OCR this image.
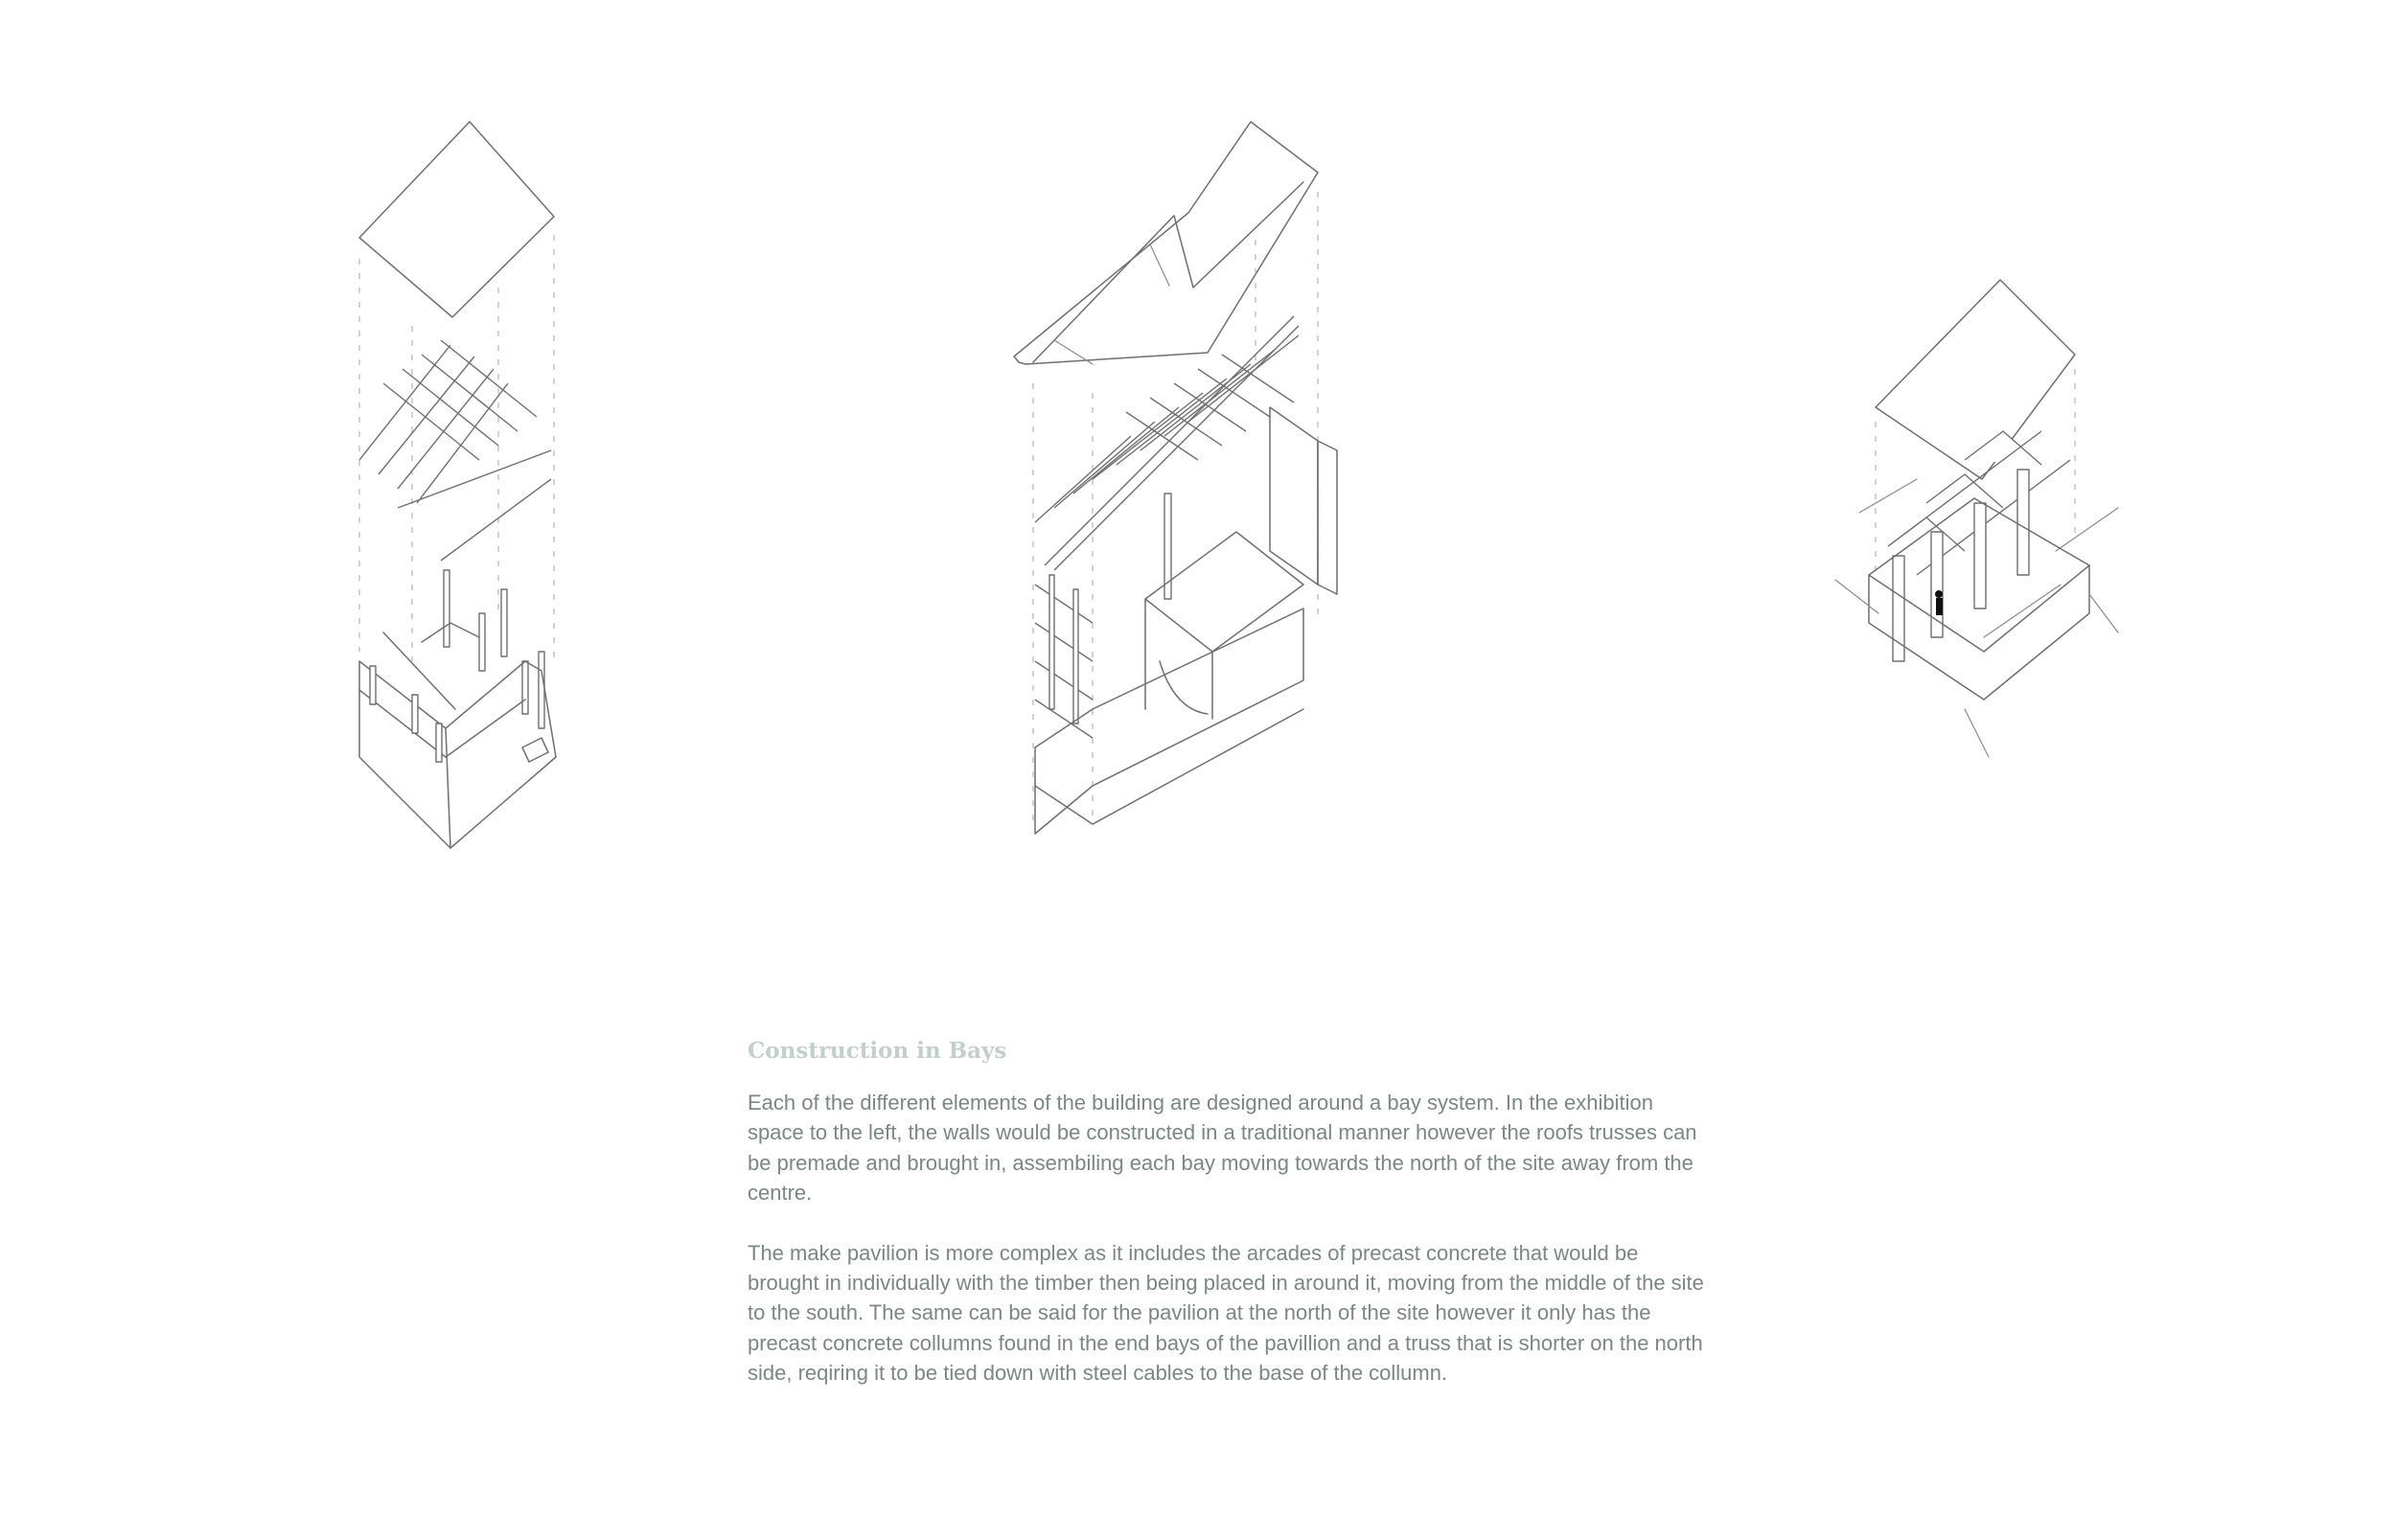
Construction in Bays

Each of the different elements of the building are designed around a bay system. In the exhibition space to the left, the walls would be constructed in a traditional manner however the roofs trusses can be premade and brought in, assembiling each bay moving towards the north of the site away from the centre.

The make pavilion is more complex as it includes the arcades of precast concrete that would be brought in individually with the timber then being placed in around it, moving from the middle of the site to the south. The same can be said for the pavilion at the north of the site however it only has the precast concrete collumns found in the end bays of the pavillion and a truss that is shorter on the north side, reqiring it to be tied down with steel cables to the base of the collumn.
